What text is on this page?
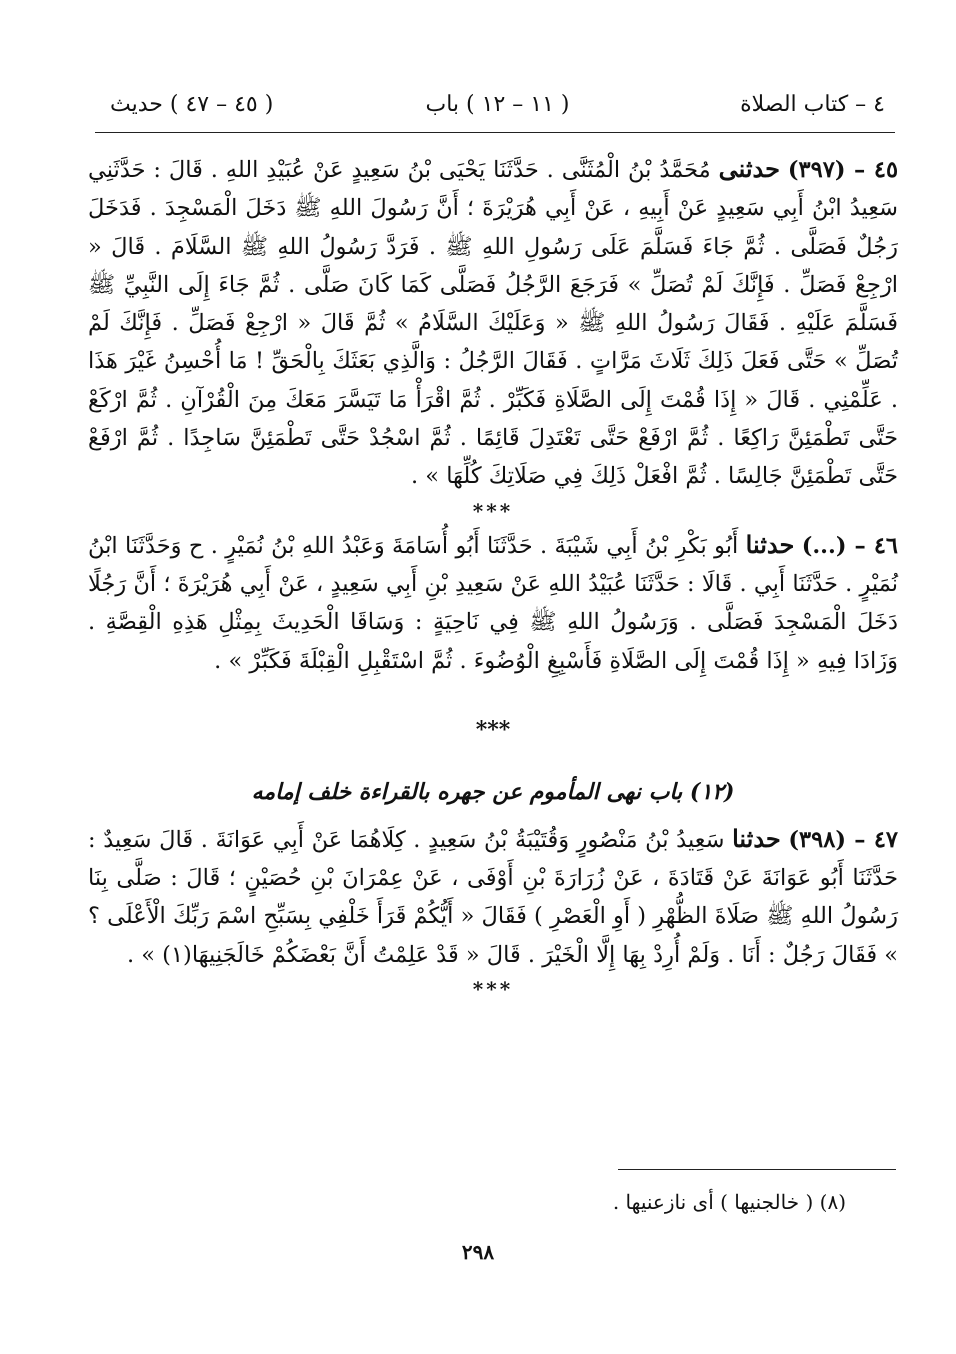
٤ – كتاب الصلاة
( ١١ – ١٢ ) باب
( ٤٥ – ٤٧ ) حديث

٤٥ – (٣٩٧) حدثنى مُحَمَّدُ بْنُ الْمُثَنَّى . حَدَّثَنَا يَحْيَى بْنُ سَعِيدٍ عَنْ عُبَيْدِ اللهِ . قَالَ : حَدَّثَنِي سَعِيدُ ابْنُ أَبِي سَعِيدٍ عَنْ أَبِيهِ ، عَنْ أَبِي هُرَيْرَةَ ؛ أَنَّ رَسُولَ اللهِ ﷺ دَخَلَ الْمَسْجِدَ . فَدَخَلَ رَجُلٌ فَصَلَّى . ثُمَّ جَاءَ فَسَلَّمَ عَلَى رَسُولِ اللهِ ﷺ . فَرَدَّ رَسُولُ اللهِ ﷺ السَّلَامَ . قَالَ « ارْجِعْ فَصَلِّ . فَإِنَّكَ لَمْ تُصَلِّ » فَرَجَعَ الرَّجُلُ فَصَلَّى كَمَا كَانَ صَلَّى . ثُمَّ جَاءَ إِلَى النَّبِيِّ ﷺ فَسَلَّمَ عَلَيْهِ . فَقَالَ رَسُولُ اللهِ ﷺ « وَعَلَيْكَ السَّلَامُ » ثُمَّ قَالَ « ارْجِعْ فَصَلِّ . فَإِنَّكَ لَمْ تُصَلِّ » حَتَّى فَعَلَ ذَلِكَ ثَلَاثَ مَرَّاتٍ . فَقَالَ الرَّجُلُ : وَالَّذِي بَعَثَكَ بِالْحَقِّ ! مَا أُحْسِنُ غَيْرَ هَذَا . عَلِّمْنِي . قَالَ « إِذَا قُمْتَ إِلَى الصَّلَاةِ فَكَبِّرْ . ثُمَّ اقْرَأْ مَا تَيَسَّرَ مَعَكَ مِنَ الْقُرْآنِ . ثُمَّ ارْكَعْ حَتَّى تَطْمَئِنَّ رَاكِعًا . ثُمَّ ارْفَعْ حَتَّى تَعْتَدِلَ قَائِمًا . ثُمَّ اسْجُدْ حَتَّى تَطْمَئِنَّ سَاجِدًا . ثُمَّ ارْفَعْ حَتَّى تَطْمَئِنَّ جَالِسًا . ثُمَّ افْعَلْ ذَلِكَ فِي صَلَاتِكَ كُلِّهَا » .

***

٤٦ – (...) حدثنا أَبُو بَكْرِ بْنُ أَبِي شَيْبَةَ . حَدَّثَنَا أَبُو أُسَامَةَ وَعَبْدُ اللهِ بْنُ نُمَيْرٍ . ح وَحَدَّثَنَا ابْنُ نُمَيْرٍ . حَدَّثَنَا أَبِي . قَالَا : حَدَّثَنَا عُبَيْدُ اللهِ عَنْ سَعِيدِ بْنِ أَبِي سَعِيدٍ ، عَنْ أَبِي هُرَيْرَةَ ؛ أَنَّ رَجُلًا دَخَلَ الْمَسْجِدَ فَصَلَّى . وَرَسُولُ اللهِ ﷺ فِي نَاحِيَةٍ : وَسَاقَا الْحَدِيثَ بِمِثْلِ هَذِهِ الْقِصَّةِ . وَزَادَا فِيهِ « إِذَا قُمْتَ إِلَى الصَّلَاةِ فَأَسْبِغِ الْوُضُوءَ . ثُمَّ اسْتَقْبِلِ الْقِبْلَةَ فَكَبِّرْ » .

***
(١٢) باب نهى المأموم عن جهره بالقراءة خلف إمامه

٤٧ – (٣٩٨) حدثنا سَعِيدُ بْنُ مَنْصُورٍ وَقُتَيْبَةُ بْنُ سَعِيدٍ . كِلَاهُمَا عَنْ أَبِي عَوَانَةَ . قَالَ سَعِيدٌ : حَدَّثَنَا أَبُو عَوَانَةَ عَنْ قَتَادَةَ ، عَنْ زُرَارَةَ بْنِ أَوْفَى ، عَنْ عِمْرَانَ بْنِ حُصَيْنٍ ؛ قَالَ : صَلَّى بِنَا رَسُولُ اللهِ ﷺ صَلَاةَ الظُّهْرِ ( أَوِ الْعَصْرِ ) فَقَالَ « أَيُّكُمْ قَرَأَ خَلْفِي بِسَبِّحِ اسْمَ رَبِّكَ الْأَعْلَى ؟ » فَقَالَ رَجُلٌ : أَنَا . وَلَمْ أُرِدْ بِهَا إِلَّا الْخَيْرَ . قَالَ « قَدْ عَلِمْتُ أَنَّ بَعْضَكُمْ خَالَجَنِيهَا(١) » .

***
(٨) ( خالجنيها ) أى نازعنيها .
٢٩٨
